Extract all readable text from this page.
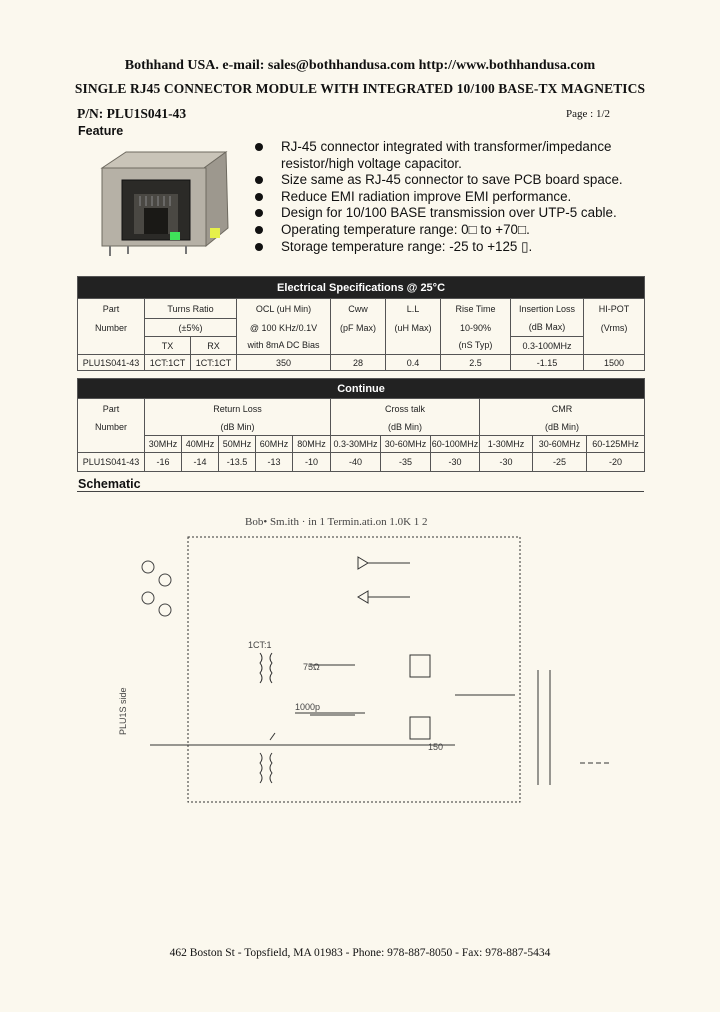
Bothhand USA. e-mail: sales@bothhandusa.com http://www.bothhandusa.com
SINGLE RJ45 CONNECTOR MODULE WITH INTEGRATED 10/100 BASE-TX MAGNETICS
P/N: PLU1S041-43	Page : 1/2
Feature
RJ-45 connector integrated with transformer/impedance
resistor/high voltage capacitor.
Size same as RJ-45 connector to save PCB board space.
Reduce EMI radiation improve EMI performance.
Design for 10/100 BASE transmission over UTP-5 cable.
Operating temperature range: 0□ to +70□.
Storage temperature range: -25 to +125 ▯.
Electrical Specifications @ 25°C								
Part	Turns Ratio		OCL (uH Min)	Cww	L.L	Rise Time	Insertion Loss	HI-POT
Number	(±5%)		@ 100 KHz/0.1V	(pF Max)	(uH Max)	10-90%	(dB Max)	(Vrms)
	TX	RX	with 8mA DC Bias			(nS Typ)	0.3-100MHz	
PLU1S041-43	1CT:1CT	1CT:1CT	350	28	0.4	2.5	-1.15	1500
Continue											
Part	Return Loss					Cross talk			CMR		
Number	(dB Min)					(dB Min)			(dB Min)		
	30MHz	40MHz	50MHz	60MHz	80MHz	0.3-30MHz	30-60MHz	60-100MHz	1-30MHz	30-60MHz	60-125MHz
PLU1S041-43	-16	-14	-13.5	-13	-10	-40	-35	-30	-30	-25	-20
Schematic
Bob• Sm.ith · in 1 Termin.ati.on 1.0K 1 2
1CT:1
1000p
75Ω
150
PLU1S side
462 Boston St - Topsfield, MA 01983 - Phone: 978-887-8050 - Fax: 978-887-5434
